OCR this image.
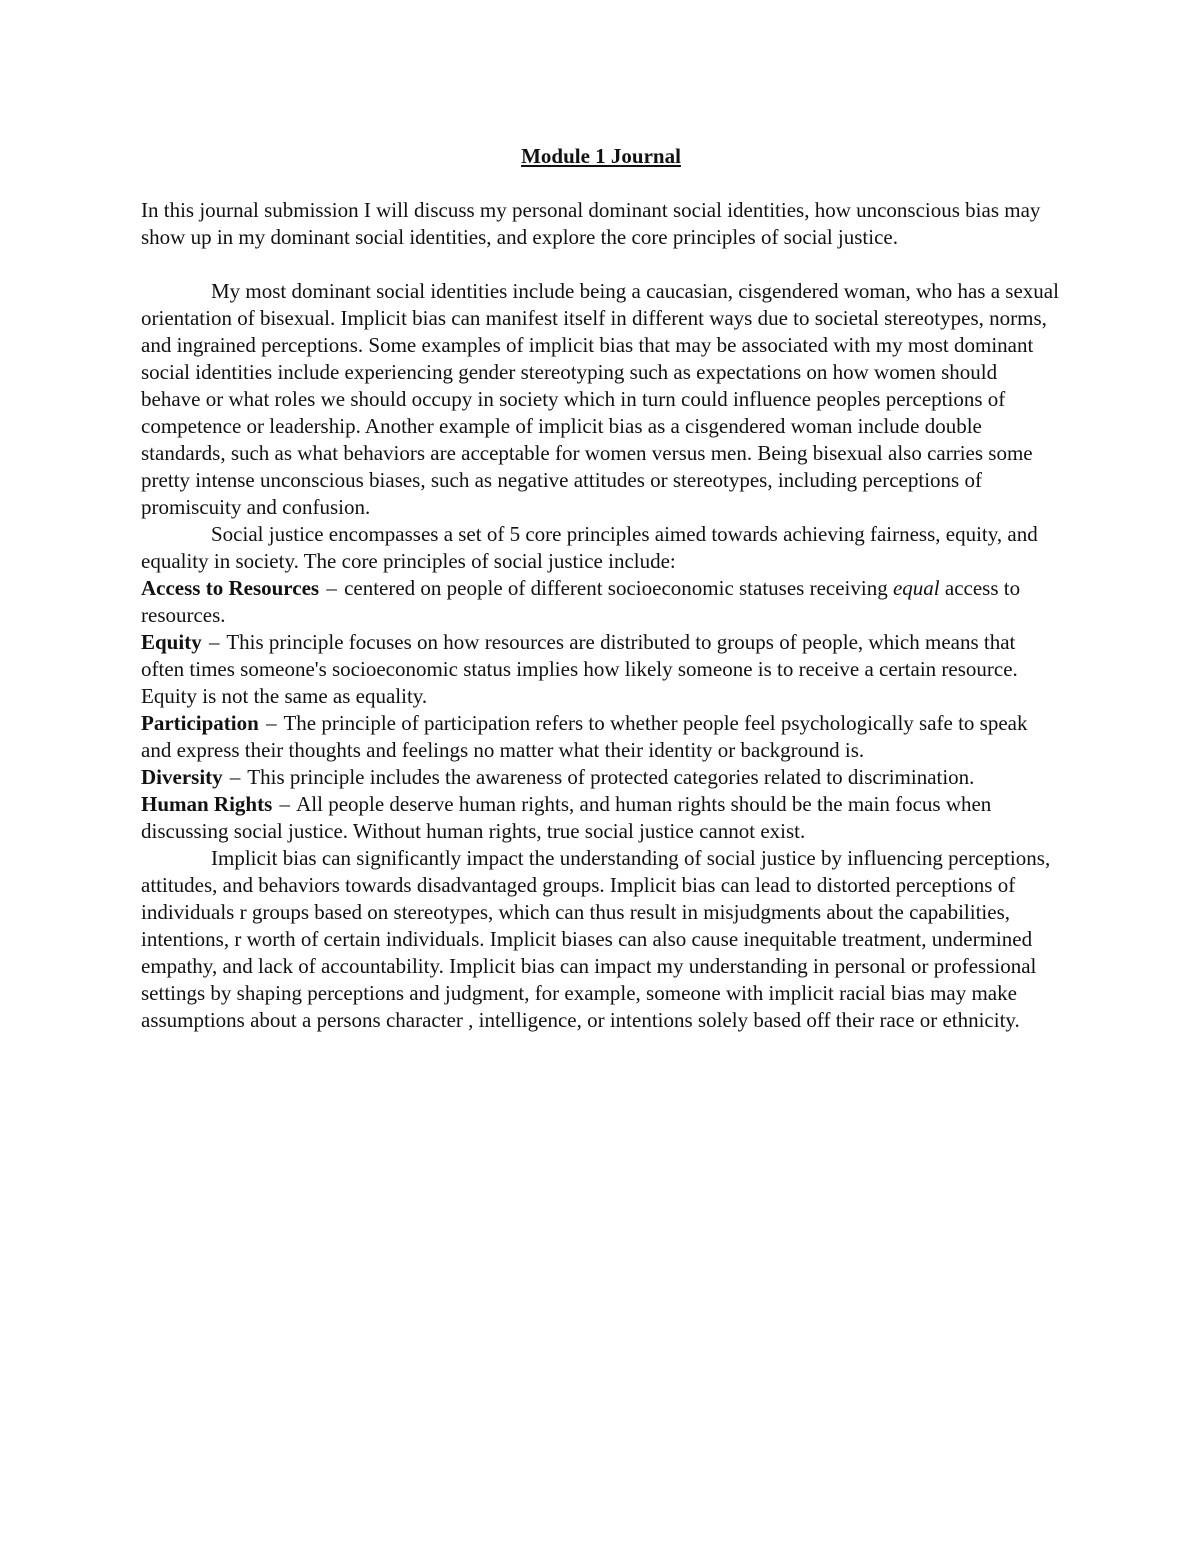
Module 1 Journal

In this journal submission I will discuss my personal dominant social identities, how unconscious bias may show up in my dominant social identities, and explore the core principles of social justice.

My most dominant social identities include being a caucasian, cisgendered woman, who has a sexual orientation of bisexual. Implicit bias can manifest itself in different ways due to societal stereotypes, norms, and ingrained perceptions. Some examples of implicit bias that may be associated with my most dominant social identities include experiencing gender stereotyping such as expectations on how women should behave or what roles we should occupy in society which in turn could influence peoples perceptions of competence or leadership. Another example of implicit bias as a cisgendered woman include double standards, such as what behaviors are acceptable for women versus men. Being bisexual also carries some pretty intense unconscious biases, such as negative attitudes or stereotypes, including perceptions of promiscuity and confusion.

Social justice encompasses a set of 5 core principles aimed towards achieving fairness, equity, and equality in society. The core principles of social justice include:

Access to Resources – centered on people of different socioeconomic statuses receiving equal access to resources.

Equity – This principle focuses on how resources are distributed to groups of people, which means that often times someone's socioeconomic status implies how likely someone is to receive a certain resource. Equity is not the same as equality.

Participation – The principle of participation refers to whether people feel psychologically safe to speak and express their thoughts and feelings no matter what their identity or background is.

Diversity – This principle includes the awareness of protected categories related to discrimination.

Human Rights – All people deserve human rights, and human rights should be the main focus when discussing social justice. Without human rights, true social justice cannot exist.

Implicit bias can significantly impact the understanding of social justice by influencing perceptions, attitudes, and behaviors towards disadvantaged groups. Implicit bias can lead to distorted perceptions of individuals r groups based on stereotypes, which can thus result in misjudgments about the capabilities, intentions, r worth of certain individuals. Implicit biases can also cause inequitable treatment, undermined empathy, and lack of accountability. Implicit bias can impact my understanding in personal or professional settings by shaping perceptions and judgment, for example, someone with implicit racial bias may make assumptions about a persons character , intelligence, or intentions solely based off their race or ethnicity.
